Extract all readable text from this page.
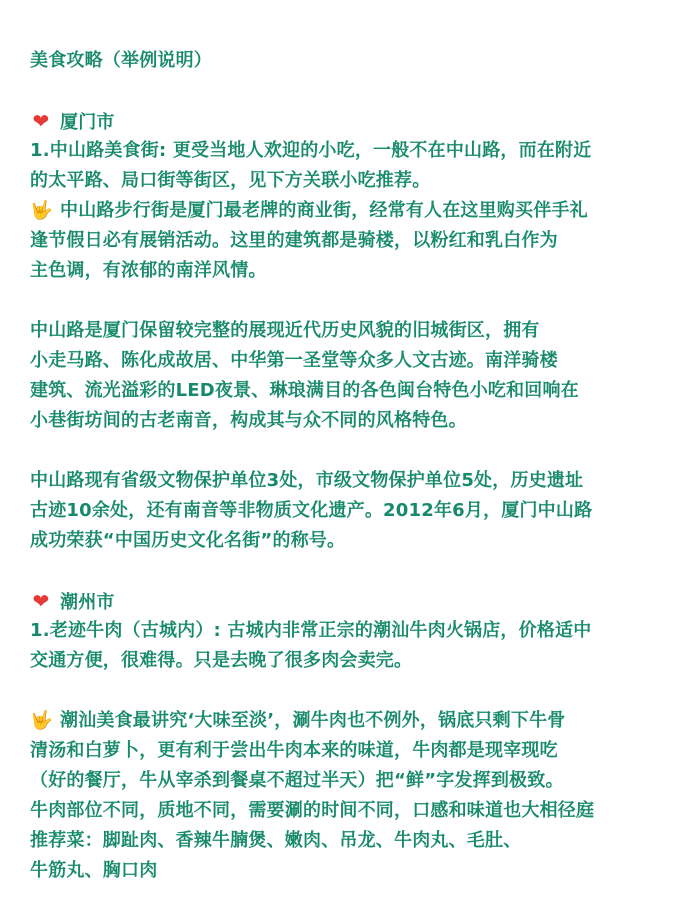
美食攻略（举例说明）
❤ 厦门市
1.中山路美食街: 更受当地人欢迎的小吃，一般不在中山路，而在附近
的太平路、局口街等街区，见下方关联小吃推荐。
🤟 中山路步行街是厦门最老牌的商业街，经常有人在这里购买伴手礼
逢节假日必有展销活动。这里的建筑都是骑楼，以粉红和乳白作为
主色调，有浓郁的南洋风情。
中山路是厦门保留较完整的展现近代历史风貌的旧城街区，拥有
小走马路、陈化成故居、中华第一圣堂等众多人文古迹。南洋骑楼
建筑、流光溢彩的LED夜景、琳琅满目的各色闽台特色小吃和回响在
小巷街坊间的古老南音，构成其与众不同的风格特色。
中山路现有省级文物保护单位3处，市级文物保护单位5处，历史遗址
古迹10余处，还有南音等非物质文化遗产。2012年6月，厦门中山路
成功荣获“中国历史文化名街”的称号。
❤ 潮州市
1.老迹牛肉（古城内）: 古城内非常正宗的潮汕牛肉火锅店，价格适中
交通方便，很难得。只是去晚了很多肉会卖完。
🤟 潮汕美食最讲究‘大味至淡’，涮牛肉也不例外，锅底只剩下牛骨
清汤和白萝卜，更有利于尝出牛肉本来的味道，牛肉都是现宰现吃
（好的餐厅，牛从宰杀到餐桌不超过半天）把“鲜”字发挥到极致。
牛肉部位不同，质地不同，需要涮的时间不同，口感和味道也大相径庭
推荐菜：脚趾肉、香辣牛腩煲、嫩肉、吊龙、牛肉丸、毛肚、
牛筋丸、胸口肉
